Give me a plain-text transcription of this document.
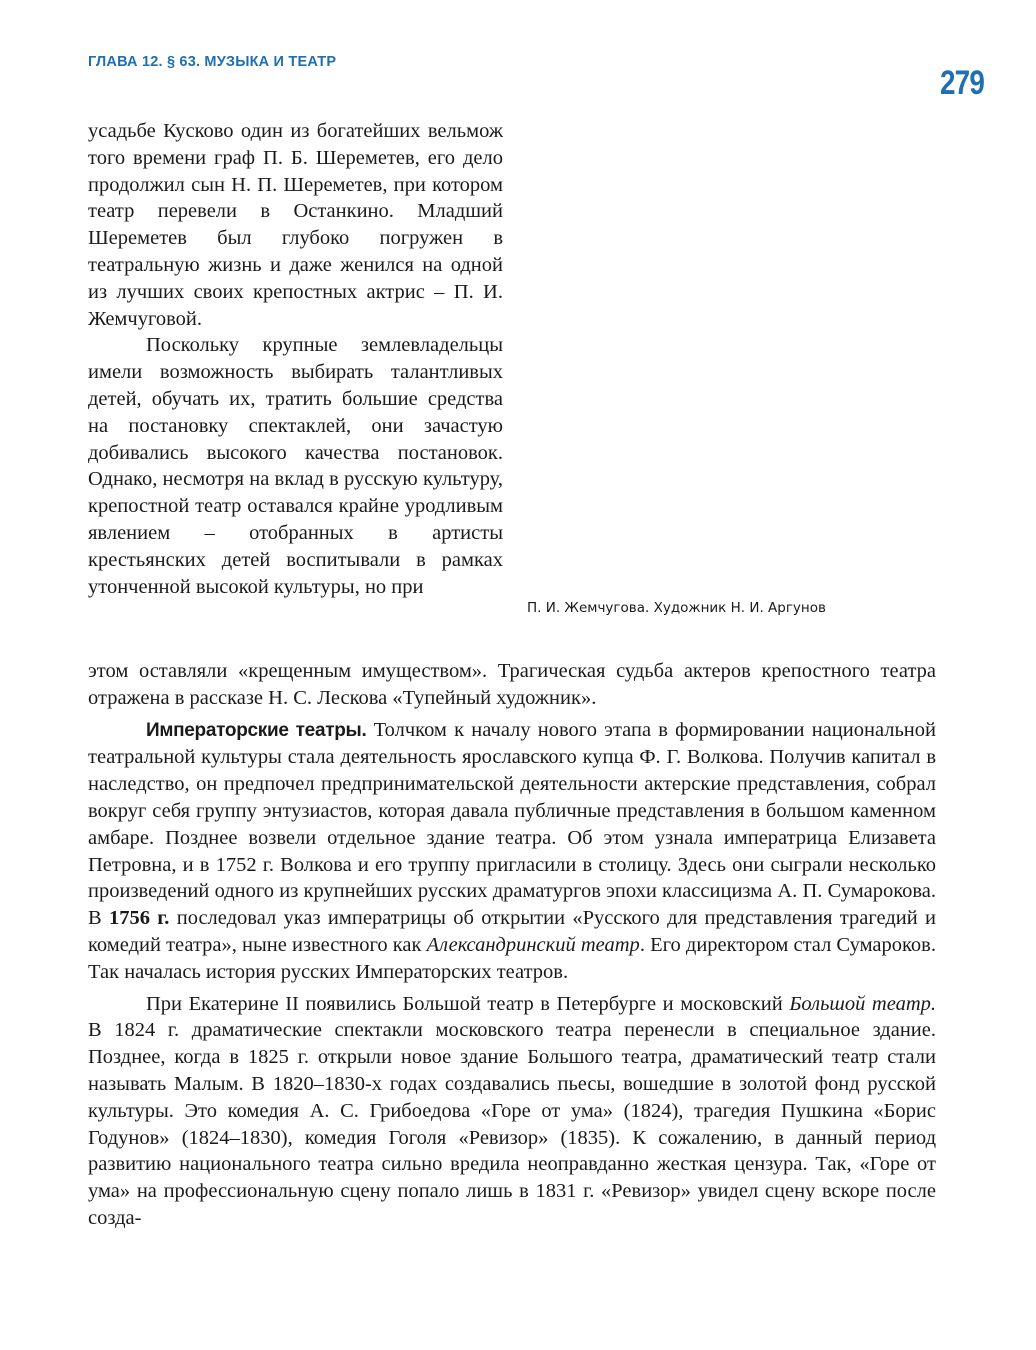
ГЛАВА 12. § 63. МУЗЫКА И ТЕАТР
279

усадьбе Кусково один из богатейших вельмож того времени граф П. Б. Шереметев, его дело продолжил сын Н. П. Шереметев, при котором театр перевели в Останкино. Младший Шереметев был глубоко погружен в театральную жизнь и даже женился на одной из лучших своих крепостных актрис – П. И. Жемчуговой.

Поскольку крупные землевладельцы имели возможность выбирать талантливых детей, обучать их, тратить большие средства на постановку спектаклей, они зачастую добивались высокого качества постановок. Однако, несмотря на вклад в русскую культуру, крепостной театр оставался крайне уродливым явлением – отобранных в артисты крестьянских детей воспитывали в рамках утонченной высокой культуры, но при

П. И. Жемчугова. Художник Н. И. Аргунов

этом оставляли «крещенным имуществом». Трагическая судьба актеров крепостного театра отражена в рассказе Н. С. Лескова «Тупейный художник».

Императорские театры. Толчком к началу нового этапа в формировании национальной театральной культуры стала деятельность ярославского купца Ф. Г. Волкова. Получив капитал в наследство, он предпочел предпринимательской деятельности актерские представления, собрал вокруг себя группу энтузиастов, которая давала публичные представления в большом каменном амбаре. Позднее возвели отдельное здание театра. Об этом узнала императрица Елизавета Петровна, и в 1752 г. Волкова и его труппу пригласили в столицу. Здесь они сыграли несколько произведений одного из крупнейших русских драматургов эпохи классицизма А. П. Сумарокова. В 1756 г. последовал указ императрицы об открытии «Русского для представления трагедий и комедий театра», ныне известного как Александринский театр. Его директором стал Сумароков. Так началась история русских Императорских театров.

При Екатерине II появились Большой театр в Петербурге и московский Большой театр. В 1824 г. драматические спектакли московского театра перенесли в специальное здание. Позднее, когда в 1825 г. открыли новое здание Большого театра, драматический театр стали называть Малым. В 1820–1830-х годах создавались пьесы, вошедшие в золотой фонд русской культуры. Это комедия А. С. Грибоедова «Горе от ума» (1824), трагедия Пушкина «Борис Годунов» (1824–1830), комедия Гоголя «Ревизор» (1835). К сожалению, в данный период развитию национального театра сильно вредила неоправданно жесткая цензура. Так, «Горе от ума» на профессиональную сцену попало лишь в 1831 г. «Ревизор» увидел сцену вскоре после созда-
